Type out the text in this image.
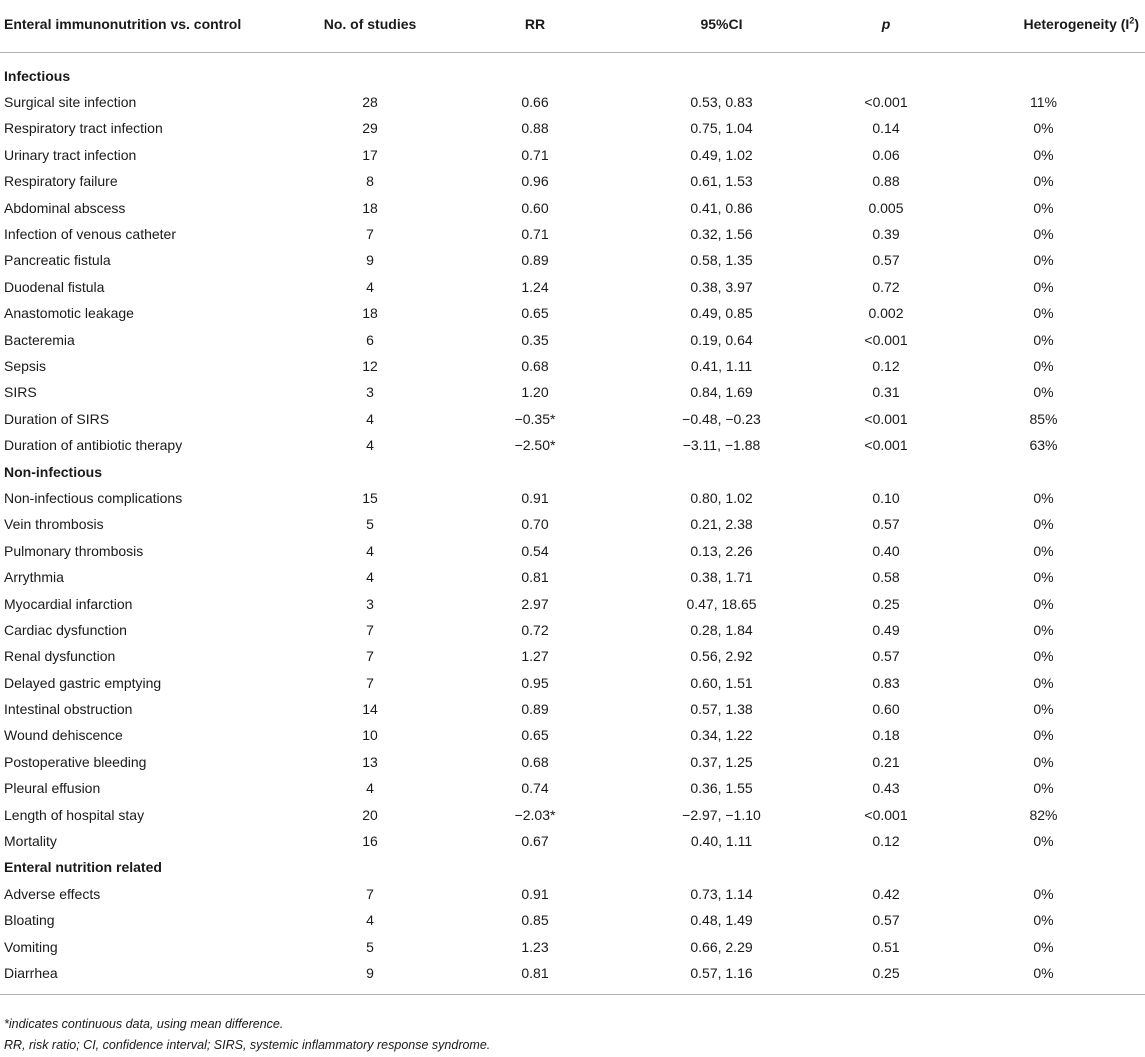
Enteral immunonutrition vs. control	No. of studies	RR	95%CI	p	Heterogeneity $(I^2)$

Infectious					
Surgical site infection	28	0.66	0.53, 0.83	<0.001	11%
Respiratory tract infection	29	0.88	0.75, 1.04	0.14	0%
Urinary tract infection	17	0.71	0.49, 1.02	0.06	0%
Respiratory failure	8	0.96	0.61, 1.53	0.88	0%
Abdominal abscess	18	0.60	0.41, 0.86	0.005	0%
Infection of venous catheter	7	0.71	0.32, 1.56	0.39	0%
Pancreatic fistula	9	0.89	0.58, 1.35	0.57	0%
Duodenal fistula	4	1.24	0.38, 3.97	0.72	0%
Anastomotic leakage	18	0.65	0.49, 0.85	0.002	0%
Bacteremia	6	0.35	0.19, 0.64	<0.001	0%
Sepsis	12	0.68	0.41, 1.11	0.12	0%
SIRS	3	1.20	0.84, 1.69	0.31	0%
Duration of SIRS	4	−0.35*	−0.48, −0.23	<0.001	85%
Duration of antibiotic therapy	4	−2.50*	−3.11, −1.88	<0.001	63%
Non-infectious					
Non-infectious complications	15	0.91	0.80, 1.02	0.10	0%
Vein thrombosis	5	0.70	0.21, 2.38	0.57	0%
Pulmonary thrombosis	4	0.54	0.13, 2.26	0.40	0%
Arrythmia	4	0.81	0.38, 1.71	0.58	0%
Myocardial infarction	3	2.97	0.47, 18.65	0.25	0%
Cardiac dysfunction	7	0.72	0.28, 1.84	0.49	0%
Renal dysfunction	7	1.27	0.56, 2.92	0.57	0%
Delayed gastric emptying	7	0.95	0.60, 1.51	0.83	0%
Intestinal obstruction	14	0.89	0.57, 1.38	0.60	0%
Wound dehiscence	10	0.65	0.34, 1.22	0.18	0%
Postoperative bleeding	13	0.68	0.37, 1.25	0.21	0%
Pleural effusion	4	0.74	0.36, 1.55	0.43	0%
Length of hospital stay	20	−2.03*	−2.97, −1.10	<0.001	82%
Mortality	16	0.67	0.40, 1.11	0.12	0%
Enteral nutrition related					
Adverse effects	7	0.91	0.73, 1.14	0.42	0%
Bloating	4	0.85	0.48, 1.49	0.57	0%
Vomiting	5	1.23	0.66, 2.29	0.51	0%
Diarrhea	9	0.81	0.57, 1.16	0.25	0%
*indicates continuous data, using mean difference.
RR, risk ratio; CI, confidence interval; SIRS, systemic inflammatory response syndrome.
